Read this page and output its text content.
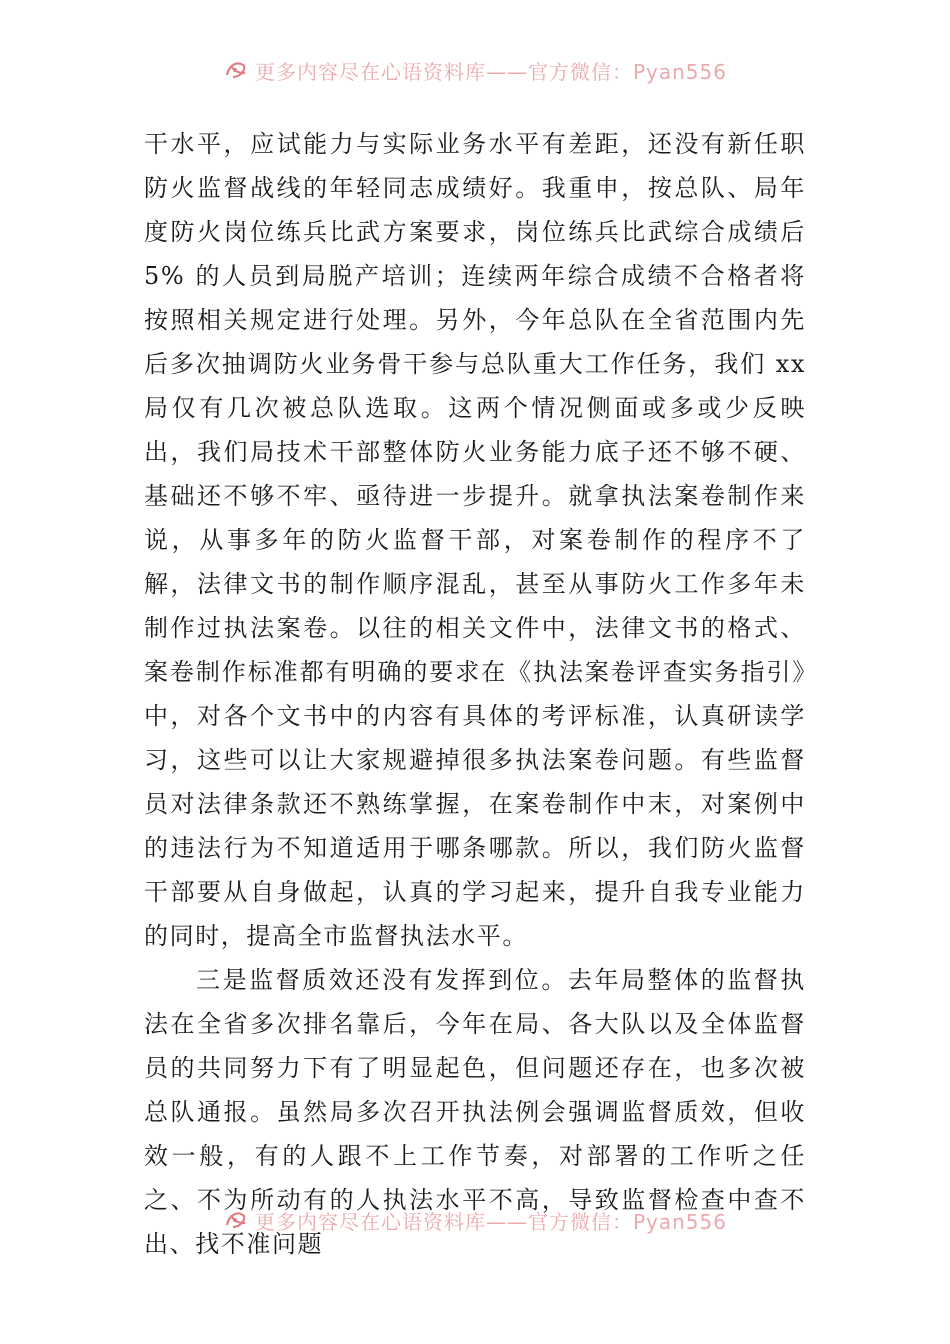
更多内容尽在心语资料库——官方微信：Pyan556

干水平，应试能力与实际业务水平有差距，还没有新任职防火监督战线的年轻同志成绩好。我重申，按总队、局年度防火岗位练兵比武方案要求，岗位练兵比武综合成绩后 5% 的人员到局脱产培训；连续两年综合成绩不合格者将按照相关规定进行处理。另外，今年总队在全省范围内先后多次抽调防火业务骨干参与总队重大工作任务，我们 xx 局仅有几次被总队选取。这两个情况侧面或多或少反映出，我们局技术干部整体防火业务能力底子还不够不硬、基础还不够不牢、亟待进一步提升。就拿执法案卷制作来说，从事多年的防火监督干部，对案卷制作的程序不了解，法律文书的制作顺序混乱，甚至从事防火工作多年未制作过执法案卷。以往的相关文件中，法律文书的格式、案卷制作标准都有明确的要求在《执法案卷评查实务指引》中，对各个文书中的内容有具体的考评标准，认真研读学习，这些可以让大家规避掉很多执法案卷问题。有些监督员对法律条款还不熟练掌握，在案卷制作中末，对案例中的违法行为不知道适用于哪条哪款。所以，我们防火监督干部要从自身做起，认真的学习起来，提升自我专业能力的同时，提高全市监督执法水平。

三是监督质效还没有发挥到位。去年局整体的监督执法在全省多次排名靠后，今年在局、各大队以及全体监督员的共同努力下有了明显起色，但问题还存在，也多次被总队通报。虽然局多次召开执法例会强调监督质效，但收效一般，有的人跟不上工作节奏，对部署的工作听之任之、不为所动有的人执法水平不高，导致监督检查中查不出、找不准问题

更多内容尽在心语资料库——官方微信：Pyan556
